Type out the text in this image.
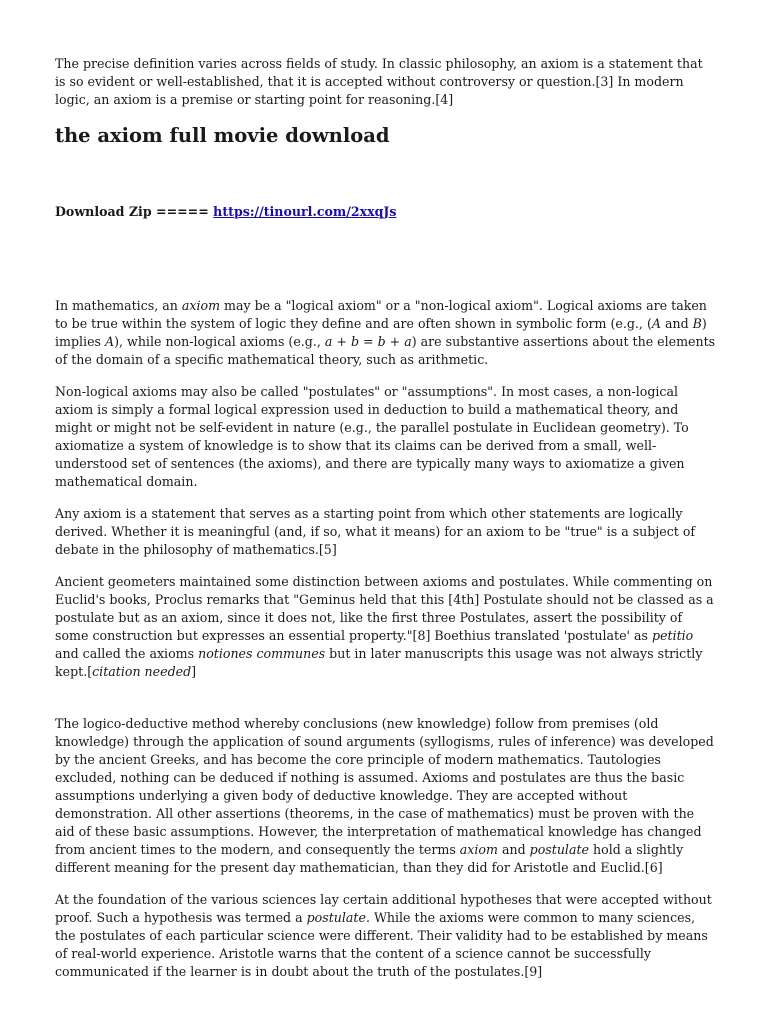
The precise definition varies across fields of study. In classic philosophy, an axiom is a statement that is so evident or well-established, that it is accepted without controversy or question.[3] In modern logic, an axiom is a premise or starting point for reasoning.[4]

the axiom full movie download
Download Zip ===== https://tinourl.com/2xxqJs

In mathematics, an axiom may be a "logical axiom" or a "non-logical axiom". Logical axioms are taken to be true within the system of logic they define and are often shown in symbolic form (e.g., (A and B) implies A), while non-logical axioms (e.g., a + b = b + a) are substantive assertions about the elements of the domain of a specific mathematical theory, such as arithmetic.

Non-logical axioms may also be called "postulates" or "assumptions". In most cases, a non-logical axiom is simply a formal logical expression used in deduction to build a mathematical theory, and might or might not be self-evident in nature (e.g., the parallel postulate in Euclidean geometry). To axiomatize a system of knowledge is to show that its claims can be derived from a small, well-understood set of sentences (the axioms), and there are typically many ways to axiomatize a given mathematical domain.

Any axiom is a statement that serves as a starting point from which other statements are logically derived. Whether it is meaningful (and, if so, what it means) for an axiom to be "true" is a subject of debate in the philosophy of mathematics.[5]

Ancient geometers maintained some distinction between axioms and postulates. While commenting on Euclid's books, Proclus remarks that "Geminus held that this [4th] Postulate should not be classed as a postulate but as an axiom, since it does not, like the first three Postulates, assert the possibility of some construction but expresses an essential property."[8] Boethius translated 'postulate' as petitio and called the axioms notiones communes but in later manuscripts this usage was not always strictly kept.[citation needed]

The logico-deductive method whereby conclusions (new knowledge) follow from premises (old knowledge) through the application of sound arguments (syllogisms, rules of inference) was developed by the ancient Greeks, and has become the core principle of modern mathematics. Tautologies excluded, nothing can be deduced if nothing is assumed. Axioms and postulates are thus the basic assumptions underlying a given body of deductive knowledge. They are accepted without demonstration. All other assertions (theorems, in the case of mathematics) must be proven with the aid of these basic assumptions. However, the interpretation of mathematical knowledge has changed from ancient times to the modern, and consequently the terms axiom and postulate hold a slightly different meaning for the present day mathematician, than they did for Aristotle and Euclid.[6]

At the foundation of the various sciences lay certain additional hypotheses that were accepted without proof. Such a hypothesis was termed a postulate. While the axioms were common to many sciences, the postulates of each particular science were different. Their validity had to be established by means of real-world experience. Aristotle warns that the content of a science cannot be successfully communicated if the learner is in doubt about the truth of the postulates.[9]
